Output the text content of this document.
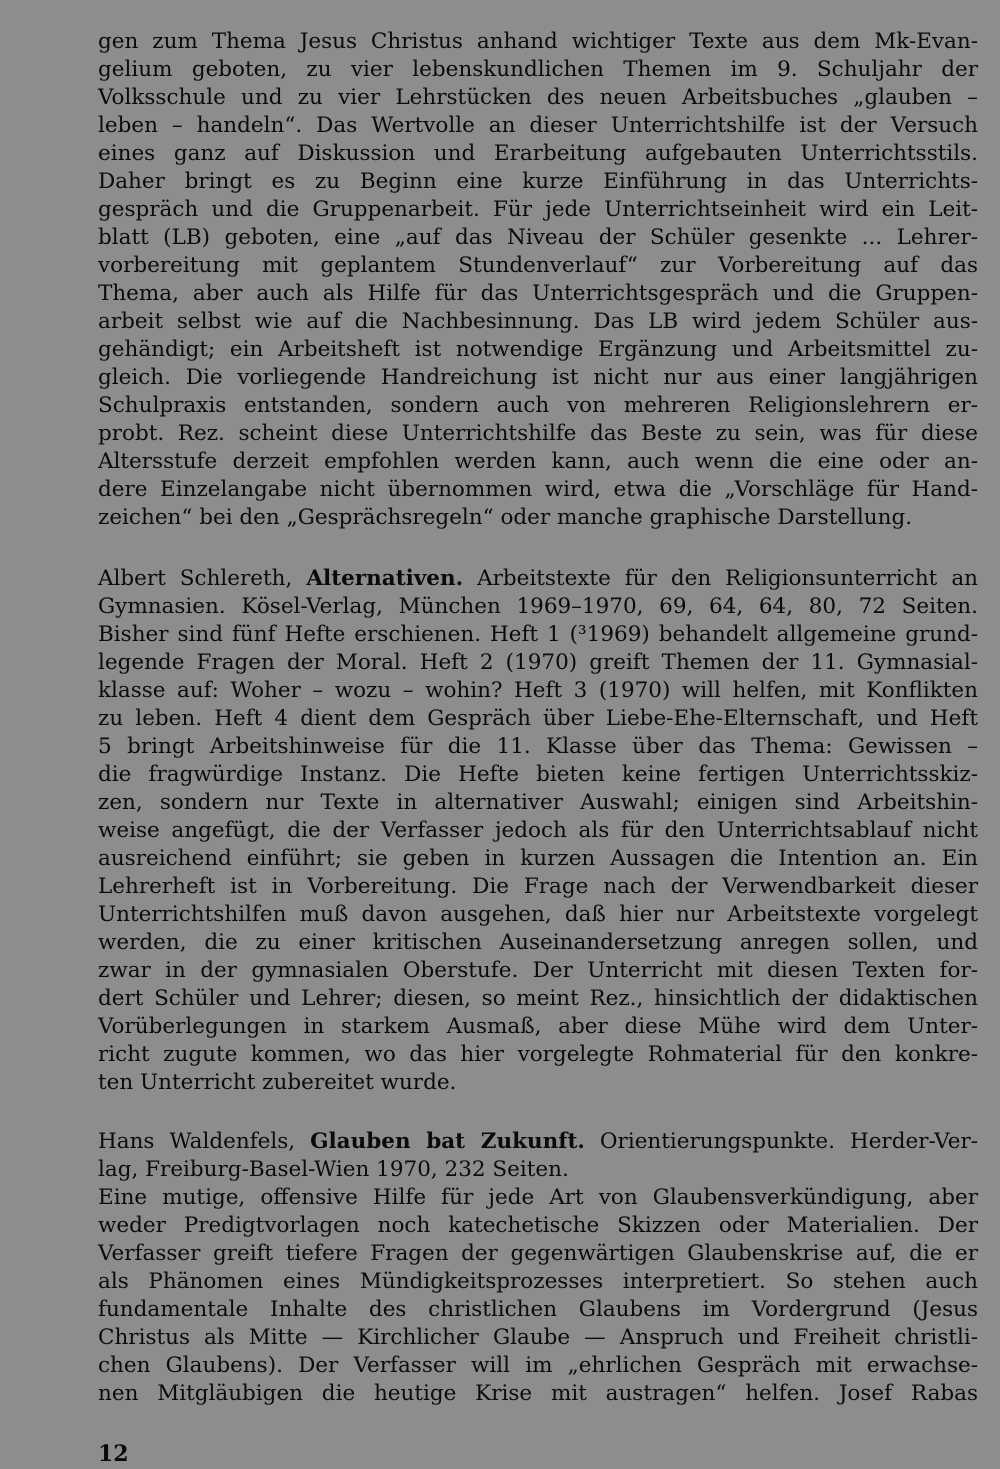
gen zum Thema Jesus Christus anhand wichtiger Texte aus dem Mk-Evan-
gelium geboten, zu vier lebenskundlichen Themen im 9. Schuljahr der
Volksschule und zu vier Lehrstücken des neuen Arbeitsbuches „glauben –
leben – handeln“. Das Wertvolle an dieser Unterrichtshilfe ist der Versuch
eines ganz auf Diskussion und Erarbeitung aufgebauten Unterrichtsstils.
Daher bringt es zu Beginn eine kurze Einführung in das Unterrichts-
gespräch und die Gruppenarbeit. Für jede Unterrichtseinheit wird ein Leit-
blatt (LB) geboten, eine „auf das Niveau der Schüler gesenkte ... Lehrer-
vorbereitung mit geplantem Stundenverlauf“ zur Vorbereitung auf das
Thema, aber auch als Hilfe für das Unterrichtsgespräch und die Gruppen-
arbeit selbst wie auf die Nachbesinnung. Das LB wird jedem Schüler aus-
gehändigt; ein Arbeitsheft ist notwendige Ergänzung und Arbeitsmittel zu-
gleich. Die vorliegende Handreichung ist nicht nur aus einer langjährigen
Schulpraxis entstanden, sondern auch von mehreren Religionslehrern er-
probt. Rez. scheint diese Unterrichtshilfe das Beste zu sein, was für diese
Altersstufe derzeit empfohlen werden kann, auch wenn die eine oder an-
dere Einzelangabe nicht übernommen wird, etwa die „Vorschläge für Hand-
zeichen“ bei den „Gesprächsregeln“ oder manche graphische Darstellung.
Albert Schlereth, Alternativen. Arbeitstexte für den Religionsunterricht an
Gymnasien. Kösel-Verlag, München 1969–1970, 69, 64, 64, 80, 72 Seiten.
Bisher sind fünf Hefte erschienen. Heft 1 (³1969) behandelt allgemeine grund-
legende Fragen der Moral. Heft 2 (1970) greift Themen der 11. Gymnasial-
klasse auf: Woher – wozu – wohin? Heft 3 (1970) will helfen, mit Konflikten
zu leben. Heft 4 dient dem Gespräch über Liebe-Ehe-Elternschaft, und Heft
5 bringt Arbeitshinweise für die 11. Klasse über das Thema: Gewissen –
die fragwürdige Instanz. Die Hefte bieten keine fertigen Unterrichtsskiz-
zen, sondern nur Texte in alternativer Auswahl; einigen sind Arbeitshin-
weise angefügt, die der Verfasser jedoch als für den Unterrichtsablauf nicht
ausreichend einführt; sie geben in kurzen Aussagen die Intention an. Ein
Lehrerheft ist in Vorbereitung. Die Frage nach der Verwendbarkeit dieser
Unterrichtshilfen muß davon ausgehen, daß hier nur Arbeitstexte vorgelegt
werden, die zu einer kritischen Auseinandersetzung anregen sollen, und
zwar in der gymnasialen Oberstufe. Der Unterricht mit diesen Texten for-
dert Schüler und Lehrer; diesen, so meint Rez., hinsichtlich der didaktischen
Vorüberlegungen in starkem Ausmaß, aber diese Mühe wird dem Unter-
richt zugute kommen, wo das hier vorgelegte Rohmaterial für den konkre-
ten Unterricht zubereitet wurde.
Hans Waldenfels, Glauben bat Zukunft. Orientierungspunkte. Herder-Ver-
lag, Freiburg-Basel-Wien 1970, 232 Seiten.
Eine mutige, offensive Hilfe für jede Art von Glaubensverkündigung, aber
weder Predigtvorlagen noch katechetische Skizzen oder Materialien. Der
Verfasser greift tiefere Fragen der gegenwärtigen Glaubenskrise auf, die er
als Phänomen eines Mündigkeitsprozesses interpretiert. So stehen auch
fundamentale Inhalte des christlichen Glaubens im Vordergrund (Jesus
Christus als Mitte — Kirchlicher Glaube — Anspruch und Freiheit christli-
chen Glaubens). Der Verfasser will im „ehrlichen Gespräch mit erwachse-
nen Mitgläubigen die heutige Krise mit austragen“ helfen. Josef Rabas
12
